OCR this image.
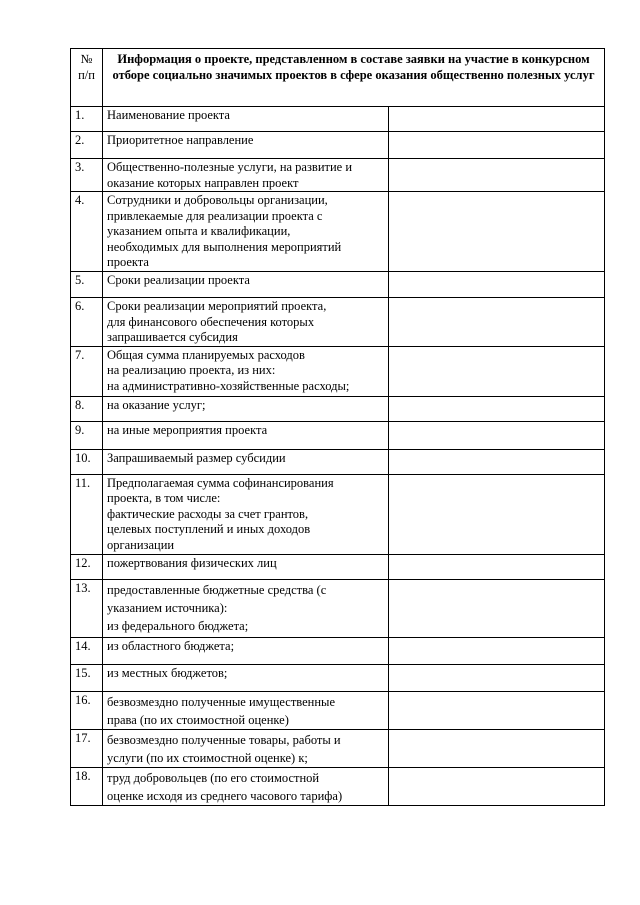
№
п/п	Информация о проекте, представленном в составе заявки на участие в конкурсном отборе социально значимых проектов в сфере оказания общественно полезных услуг	
1.	Наименование проекта	
2.	Приоритетное направление	
3.	Общественно-полезные услуги, на развитие и
оказание которых направлен проект	
4.	Сотрудники и добровольцы организации,
привлекаемые для реализации проекта с
указанием опыта и квалификации,
необходимых для выполнения мероприятий
проекта	
5.	Сроки реализации проекта	
6.	Сроки реализации мероприятий проекта,
для финансового обеспечения которых
запрашивается субсидия	
7.	Общая сумма планируемых расходов
на реализацию проекта, из них:
на административно-хозяйственные расходы;	
8.	на оказание услуг;	
9.	на иные мероприятия проекта	
10.	Запрашиваемый размер субсидии	
11.	Предполагаемая сумма софинансирования
проекта, в том числе:
фактические расходы за счет грантов,
целевых поступлений и иных доходов
организации	
12.	пожертвования физических лиц	
13.	предоставленные бюджетные средства (с
указанием источника):
из федерального бюджета;	
14.	из областного бюджета;	
15.	из местных бюджетов;	
16.	безвозмездно полученные имущественные
права (по их стоимостной оценке)	
17.	безвозмездно полученные товары, работы и
услуги (по их стоимостной оценке) к;	
18.	труд добровольцев (по его стоимостной
оценке исходя из среднего часового тарифа)	
